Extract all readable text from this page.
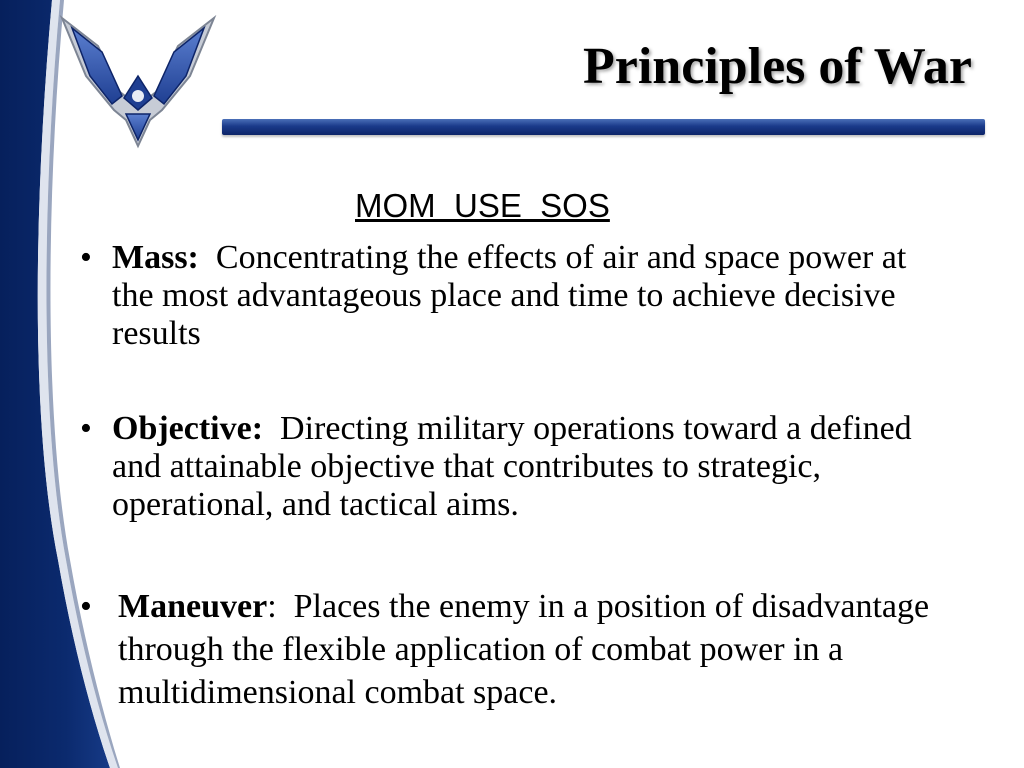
Principles of War

MOM  USE  SOS

• Mass:  Concentrating the effects of air and space power at the most advantageous place and time to achieve decisive results
• Objective:  Directing military operations toward a defined and attainable objective that contributes to strategic, operational, and tactical aims.
• Maneuver:  Places the enemy in a position of disadvantage through the flexible application of combat power in a multidimensional combat space.
